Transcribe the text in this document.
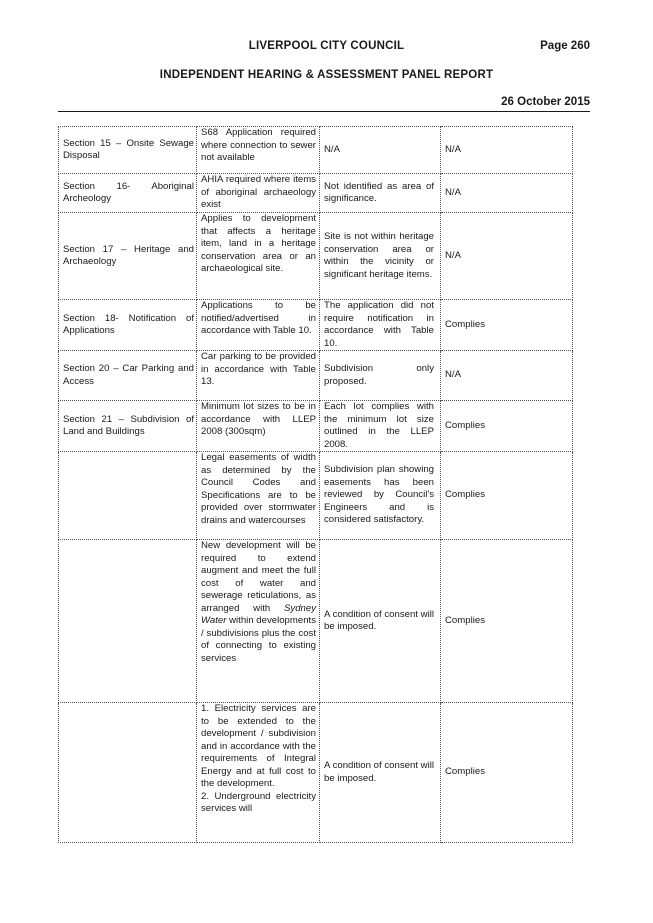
LIVERPOOL CITY COUNCIL	Page 260
INDEPENDENT HEARING & ASSESSMENT PANEL REPORT
26 October 2015
Section 15 – Onsite Sewage Disposal	S68 Application required where connection to sewer not available	N/A	N/A
Section 16- Aboriginal Archeology	AHIA required where items of aboriginal archaeology exist	Not identified as area of significance.	N/A
Section 17 – Heritage and Archaeology	Applies to development that affects a heritage item, land in a heritage conservation area or an archaeological site.	Site is not within heritage conservation area or within the vicinity or significant heritage items.	N/A
Section 18- Notification of Applications	Applications to be notified/advertised in accordance with Table 10.	The application did not require notification in accordance with Table 10.	Complies
Section 20 – Car Parking and Access	Car parking to be provided in accordance with Table 13.	Subdivision only proposed.	N/A
Section 21 – Subdivision of Land and Buildings	Minimum lot sizes to be in accordance with LLEP 2008 (300sqm)	Each lot complies with the minimum lot size outlined in the LLEP 2008.	Complies
	Legal easements of width as determined by the Council Codes and Specifications are to be provided over stormwater drains and watercourses	Subdivision plan showing easements has been reviewed by Council's Engineers and is considered satisfactory.	Complies
	New development will be required to extend augment and meet the full cost of water and sewerage reticulations, as arranged with Sydney Water within developments / subdivisions plus the cost of connecting to existing services	A condition of consent will be imposed.	Complies

	1. Electricity services are to be extended to the development / subdivision and in accordance with the requirements of Integral Energy and at full cost to the development.
2. Underground electricity services will	A condition of consent will be imposed.	Complies
